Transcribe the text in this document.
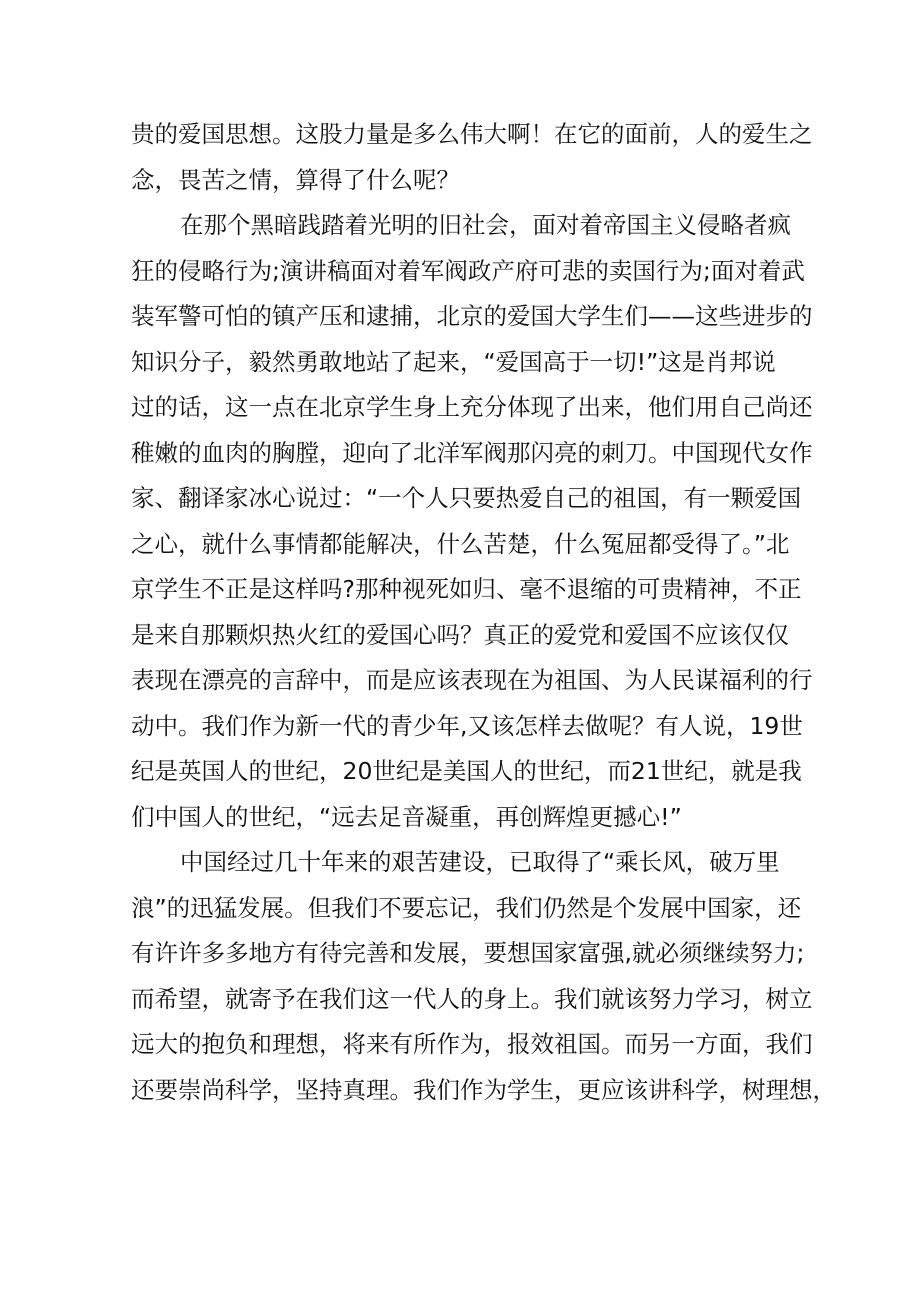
贵的爱国思想。这股力量是多么伟大啊！在它的面前，人的爱生之
念，畏苦之情，算得了什么呢？
在那个黑暗践踏着光明的旧社会，面对着帝国主义侵略者疯
狂的侵略行为;演讲稿面对着军阀政产府可悲的卖国行为;面对着武
装军警可怕的镇产压和逮捕，北京的爱国大学生们——这些进步的
知识分子，毅然勇敢地站了起来，“爱国高于一切!”这是肖邦说
过的话，这一点在北京学生身上充分体现了出来，他们用自己尚还
稚嫩的血肉的胸膛，迎向了北洋军阀那闪亮的刺刀。中国现代女作
家、翻译家冰心说过：“一个人只要热爱自己的祖国，有一颗爱国
之心，就什么事情都能解决，什么苦楚，什么冤屈都受得了。”北
京学生不正是这样吗?那种视死如归、毫不退缩的可贵精神，不正
是来自那颗炽热火红的爱国心吗？真正的爱党和爱国不应该仅仅
表现在漂亮的言辞中，而是应该表现在为祖国、为人民谋福利的行
动中。我们作为新一代的青少年,又该怎样去做呢？有人说，19世
纪是英国人的世纪，20世纪是美国人的世纪，而21世纪，就是我
们中国人的世纪，“远去足音凝重，再创辉煌更撼心!”
中国经过几十年来的艰苦建设，已取得了“乘长风，破万里
浪”的迅猛发展。但我们不要忘记，我们仍然是个发展中国家，还
有许许多多地方有待完善和发展，要想国家富强,就必须继续努力;
而希望，就寄予在我们这一代人的身上。我们就该努力学习，树立
远大的抱负和理想，将来有所作为，报效祖国。而另一方面，我们
还要崇尚科学，坚持真理。我们作为学生，更应该讲科学，树理想，
